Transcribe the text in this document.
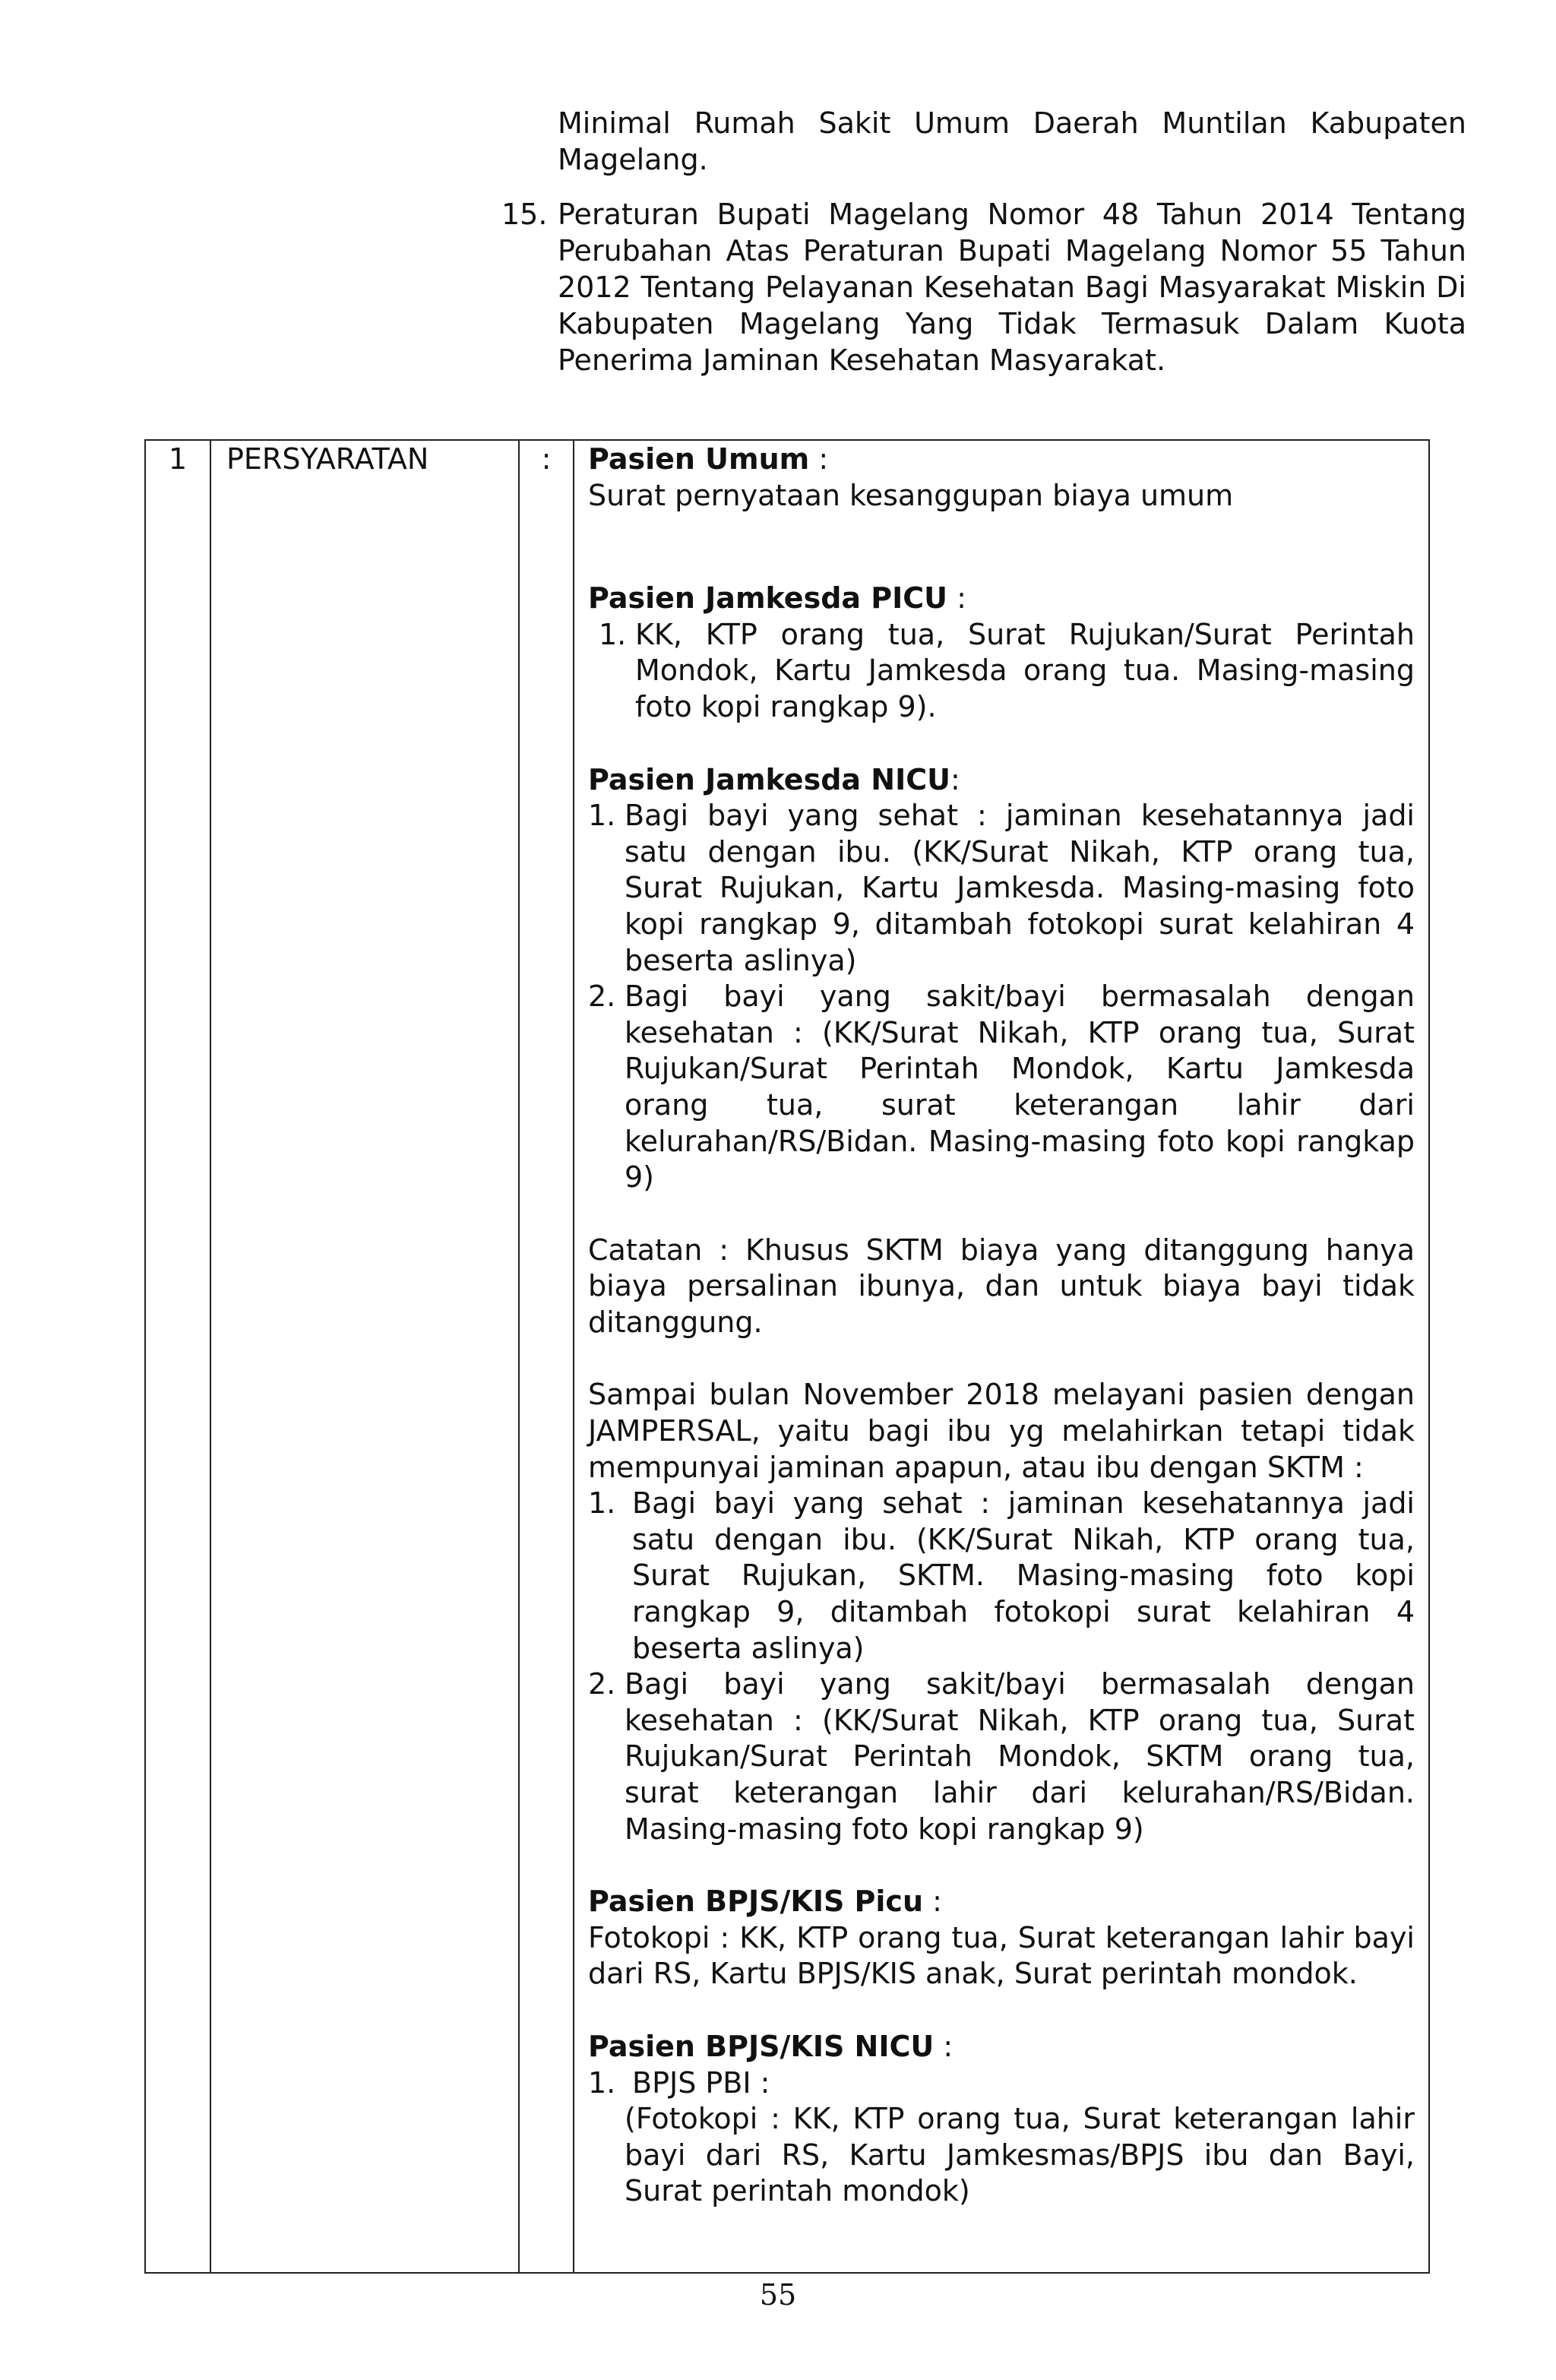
Minimal Rumah Sakit Umum Daerah Muntilan Kabupaten Magelang.
15. Peraturan Bupati Magelang Nomor 48 Tahun 2014 Tentang Perubahan Atas Peraturan Bupati Magelang Nomor 55 Tahun 2012 Tentang Pelayanan Kesehatan Bagi Masyarakat Miskin Di Kabupaten Magelang Yang Tidak Termasuk Dalam Kuota Penerima Jaminan Kesehatan Masyarakat.
1	PERSYARATAN	:	Pasien Umum :
Surat pernyataan kesanggupan biaya umum
Pasien Jamkesda PICU :
1. KK, KTP orang tua, Surat Rujukan/Surat Perintah Mondok, Kartu Jamkesda orang tua. Masing-masing foto kopi rangkap 9).
Pasien Jamkesda NICU:
1. Bagi bayi yang sehat : jaminan kesehatannya jadi satu dengan ibu. (KK/Surat Nikah, KTP orang tua, Surat Rujukan, Kartu Jamkesda. Masing-masing foto kopi rangkap 9, ditambah fotokopi surat kelahiran 4 beserta aslinya)
2. Bagi bayi yang sakit/bayi bermasalah dengan kesehatan : (KK/Surat Nikah, KTP orang tua, Surat Rujukan/Surat Perintah Mondok, Kartu Jamkesda orang tua, surat keterangan lahir dari kelurahan/RS/Bidan. Masing-masing foto kopi rangkap 9)
Catatan : Khusus SKTM biaya yang ditanggung hanya biaya persalinan ibunya, dan untuk biaya bayi tidak ditanggung.
Sampai bulan November 2018 melayani pasien dengan JAMPERSAL, yaitu bagi ibu yg melahirkan tetapi tidak mempunyai jaminan apapun, atau ibu dengan SKTM :
1. Bagi bayi yang sehat : jaminan kesehatannya jadi satu dengan ibu. (KK/Surat Nikah, KTP orang tua, Surat Rujukan, SKTM. Masing-masing foto kopi rangkap 9, ditambah fotokopi surat kelahiran 4 beserta aslinya)
2. Bagi bayi yang sakit/bayi bermasalah dengan kesehatan : (KK/Surat Nikah, KTP orang tua, Surat Rujukan/Surat Perintah Mondok, SKTM orang tua, surat keterangan lahir dari kelurahan/RS/Bidan. Masing-masing foto kopi rangkap 9)
Pasien BPJS/KIS Picu :
Fotokopi : KK, KTP orang tua, Surat keterangan lahir bayi dari RS, Kartu BPJS/KIS anak, Surat perintah mondok.
Pasien BPJS/KIS NICU :
1. BPJS PBI :
(Fotokopi : KK, KTP orang tua, Surat keterangan lahir bayi dari RS, Kartu Jamkesmas/BPJS ibu dan Bayi, Surat perintah mondok)
55
